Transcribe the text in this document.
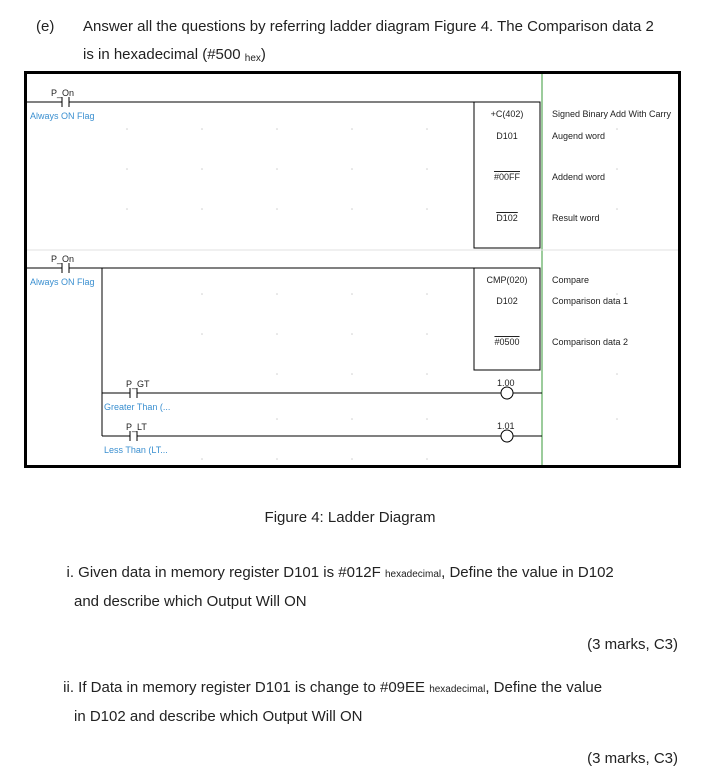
(e) Answer all the questions by referring ladder diagram Figure 4. The Comparison data 2
is in hexadecimal (#500 $_{hex}$)
P_On
Always ON Flag	+C(402)
D101
#00FF
D102
Signed Binary Add With Carry
Augend word
Addend word
Result word
P_On
Always ON Flag	CMP(020)
D102
#0500
Compare
Comparison data 1
Comparison data 2
P_GT
Greater Than (...
1.00
P_LT
Less Than (LT...
1.01
Figure 4: Ladder Diagram
i. Given data in memory register D101 is #012F hexadecimal, Define the value in D102
and describe which Output Will ON
(3 marks, C3)
ii. If Data in memory register D101 is change to #09EE hexadecimal, Define the value
in D102 and describe which Output Will ON
(3 marks, C3)
